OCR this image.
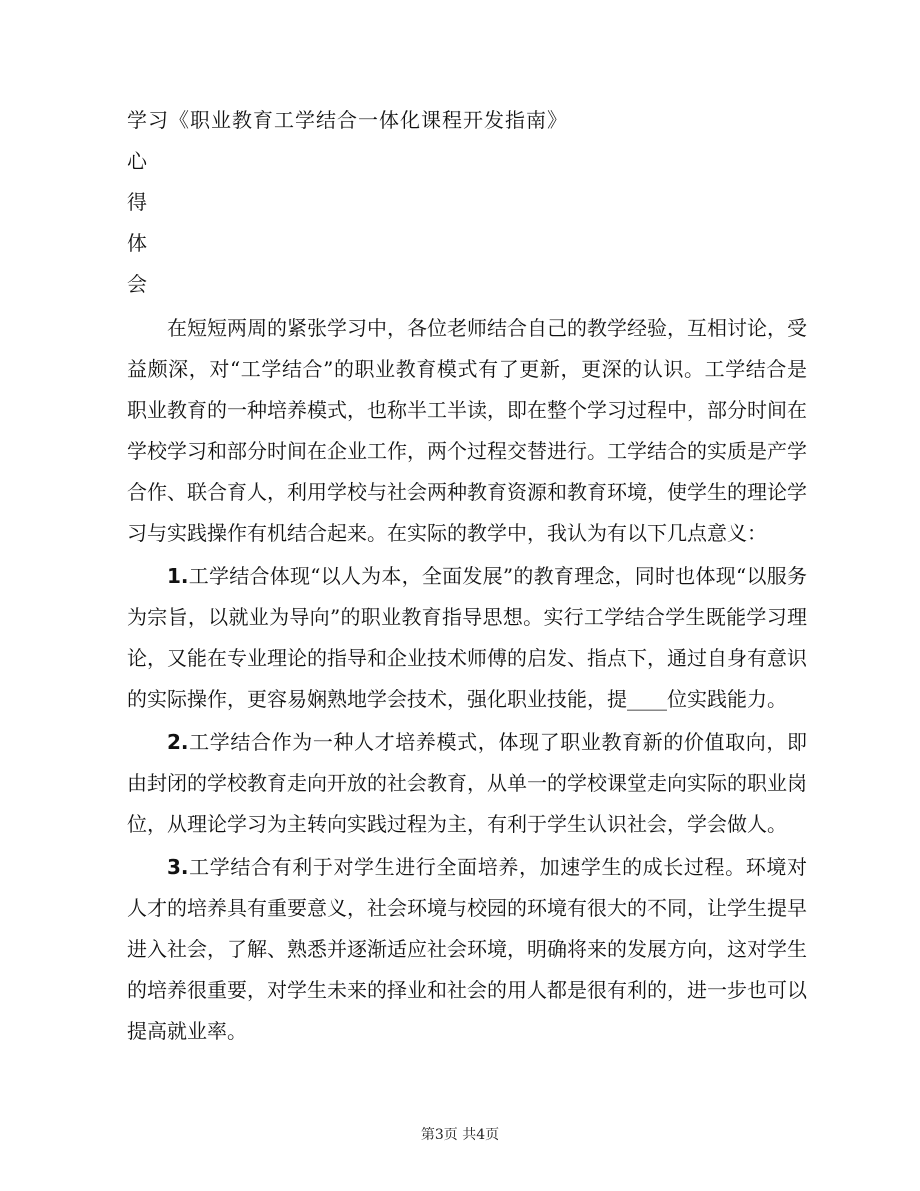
学习《职业教育工学结合一体化课程开发指南》
心
得
体
会

在短短两周的紧张学习中，各位老师结合自己的教学经验，互相讨论，受益颇深，对“工学结合”的职业教育模式有了更新，更深的认识。工学结合是职业教育的一种培养模式，也称半工半读，即在整个学习过程中，部分时间在学校学习和部分时间在企业工作，两个过程交替进行。工学结合的实质是产学合作、联合育人，利用学校与社会两种教育资源和教育环境，使学生的理论学习与实践操作有机结合起来。在实际的教学中，我认为有以下几点意义：

1.工学结合体现“以人为本，全面发展”的教育理念，同时也体现“以服务为宗旨，以就业为导向”的职业教育指导思想。实行工学结合学生既能学习理论，又能在专业理论的指导和企业技术师傅的启发、指点下，通过自身有意识的实际操作，更容易娴熟地学会技术，强化职业技能，提____位实践能力。

2.工学结合作为一种人才培养模式，体现了职业教育新的价值取向，即由封闭的学校教育走向开放的社会教育，从单一的学校课堂走向实际的职业岗位，从理论学习为主转向实践过程为主，有利于学生认识社会，学会做人。

3.工学结合有利于对学生进行全面培养，加速学生的成长过程。环境对人才的培养具有重要意义，社会环境与校园的环境有很大的不同，让学生提早进入社会，了解、熟悉并逐渐适应社会环境，明确将来的发展方向，这对学生的培养很重要，对学生未来的择业和社会的用人都是很有利的，进一步也可以提高就业率。

第3页 共4页
